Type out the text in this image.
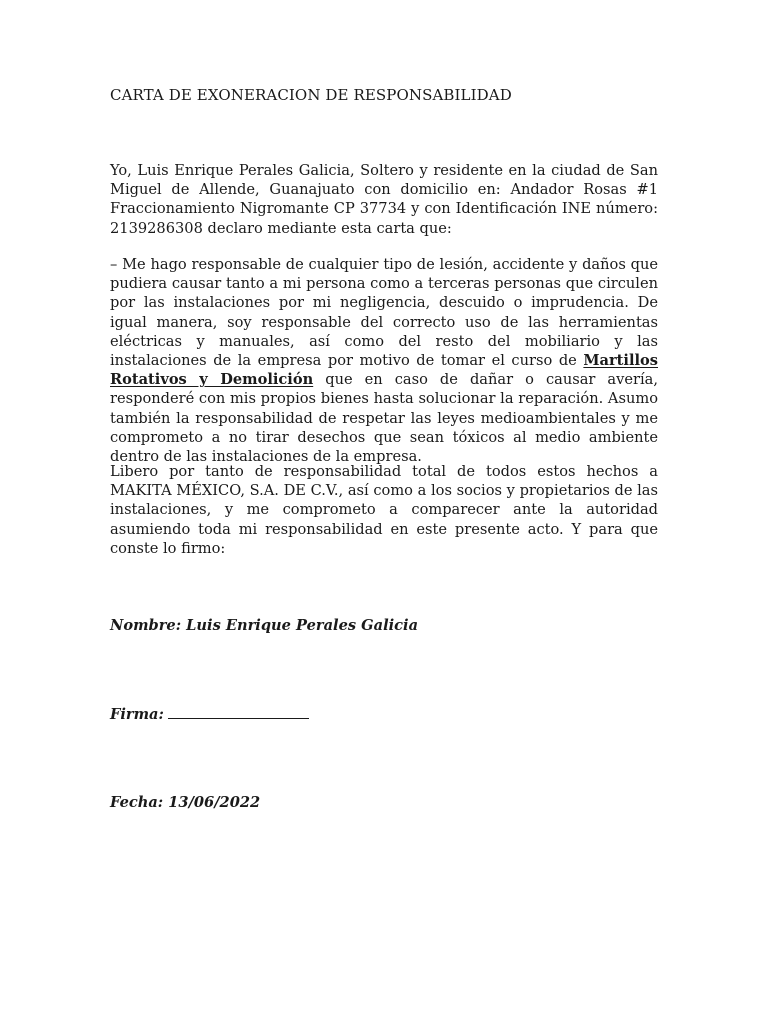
CARTA DE EXONERACION DE RESPONSABILIDAD
Yo, Luis Enrique Perales Galicia, Soltero y residente en la ciudad de San Miguel de Allende, Guanajuato con domicilio en: Andador Rosas #1 Fraccionamiento Nigromante CP 37734 y con Identificación INE número: 2139286308 declaro mediante esta carta que:
– Me hago responsable de cualquier tipo de lesión, accidente y daños que pudiera causar tanto a mi persona como a terceras personas que circulen por las instalaciones por mi negligencia, descuido o imprudencia. De igual manera, soy responsable del correcto uso de las herramientas eléctricas y manuales, así como del resto del mobiliario y las instalaciones de la empresa por motivo de tomar el curso de Martillos Rotativos y Demolición que en caso de dañar o causar avería, responderé con mis propios bienes hasta solucionar la reparación. Asumo también la responsabilidad de respetar las leyes medioambientales y me comprometo a no tirar desechos que sean tóxicos al medio ambiente dentro de las instalaciones de la empresa.
Libero por tanto de responsabilidad total de todos estos hechos a MAKITA MÉXICO, S.A. DE C.V., así como a los socios y propietarios de las instalaciones, y me comprometo a comparecer ante la autoridad asumiendo toda mi responsabilidad en este presente acto. Y para que conste lo firmo:
Nombre: Luis Enrique Perales Galicia
Firma:
Fecha: 13/06/2022
